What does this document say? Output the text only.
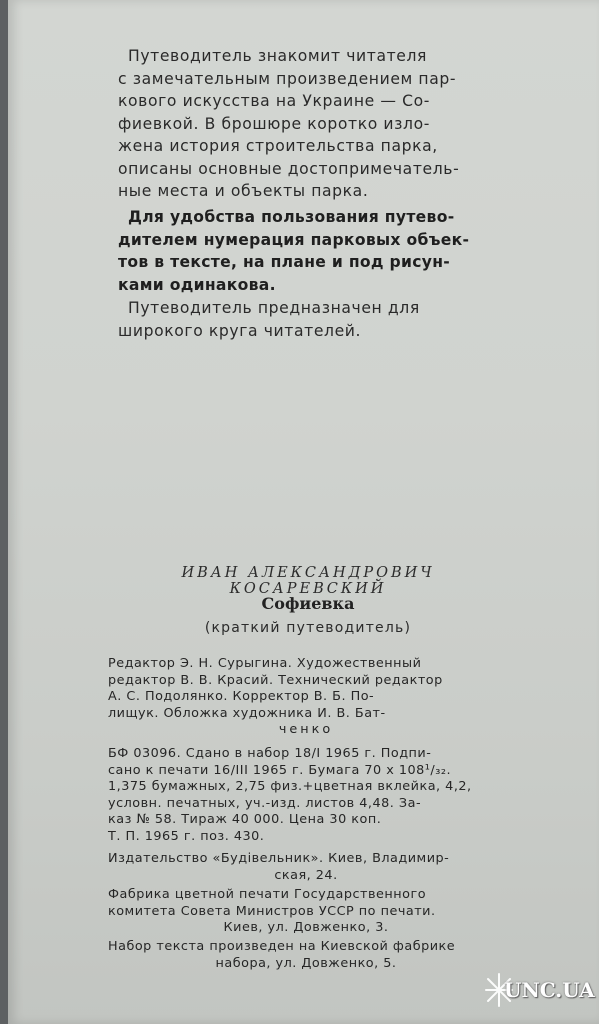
Путеводитель знакомит читателя
с замечательным произведением пар-
кового искусства на Украине — Со-
фиевкой. В брошюре коротко изло-
жена история строительства парка,
описаны основные достопримечатель-
ные места и объекты парка.
Для удобства пользования путево-
дителем нумерация парковых объек-
тов в тексте, на плане и под рисун-
ками одинакова.
Путеводитель предназначен для
широкого круга читателей.
ИВАН АЛЕКСАНДРОВИЧ КОСАРЕВСКИЙ
Софиевка
(краткий путеводитель)
Редактор Э. Н. Сурыгина. Художественный
редактор В. В. Красий. Технический редактор
А. С. Подолянко. Корректор В. Б. По-
лищук. Обложка художника И. В. Бат-
ченко
БФ 03096. Сдано в набор 18/I 1965 г. Подпи-
сано к печати 16/III 1965 г. Бумага 70 х 108¹/₃₂.
1,375 бумажных, 2,75 физ.+цветная вклейка, 4,2,
условн. печатных, уч.-изд. листов 4,48. За-
каз № 58. Тираж 40 000. Цена 30 коп.
Т. П. 1965 г. поз. 430.
Издательство «Будівельник». Киев, Владимир-
ская, 24.
Фабрика цветной печати Государственного
комитета Совета Министров УССР по печати.
Киев, ул. Довженко, 3.
Набор текста произведен на Киевской фабрике
набора, ул. Довженко, 5.
UNC.UA
